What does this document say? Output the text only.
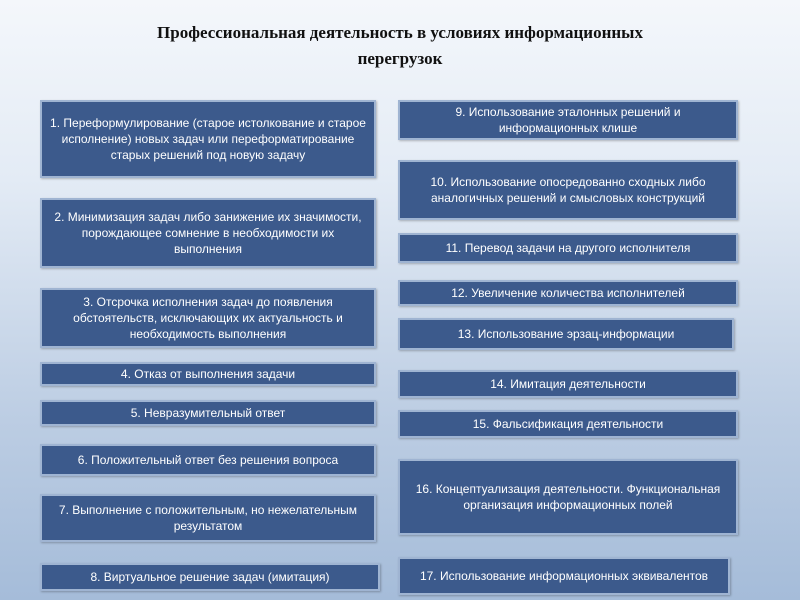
Профессиональная деятельность в условиях информационных
перегрузок
1. Переформулирование (старое истолкование и старое исполнение) новых задач или переформатирование старых решений под новую задачу
2. Минимизация задач либо занижение их значимости, порождающее сомнение в необходимости их выполнения
3. Отсрочка исполнения задач до появления обстоятельств, исключающих их актуальность и необходимость выполнения
4. Отказ от выполнения задачи
5. Невразумительный ответ
6. Положительный ответ без решения вопроса
7. Выполнение с положительным, но нежелательным результатом
8. Виртуальное решение задач (имитация)
9. Использование эталонных решений и информационных клише
10. Использование опосредованно сходных либо аналогичных решений и смысловых конструкций
11. Перевод задачи на другого исполнителя
12. Увеличение количества исполнителей
13. Использование эрзац-информации
14. Имитация деятельности
15. Фальсификация деятельности
16. Концептуализация деятельности. Функциональная организация информационных полей
17. Использование информационных эквивалентов
